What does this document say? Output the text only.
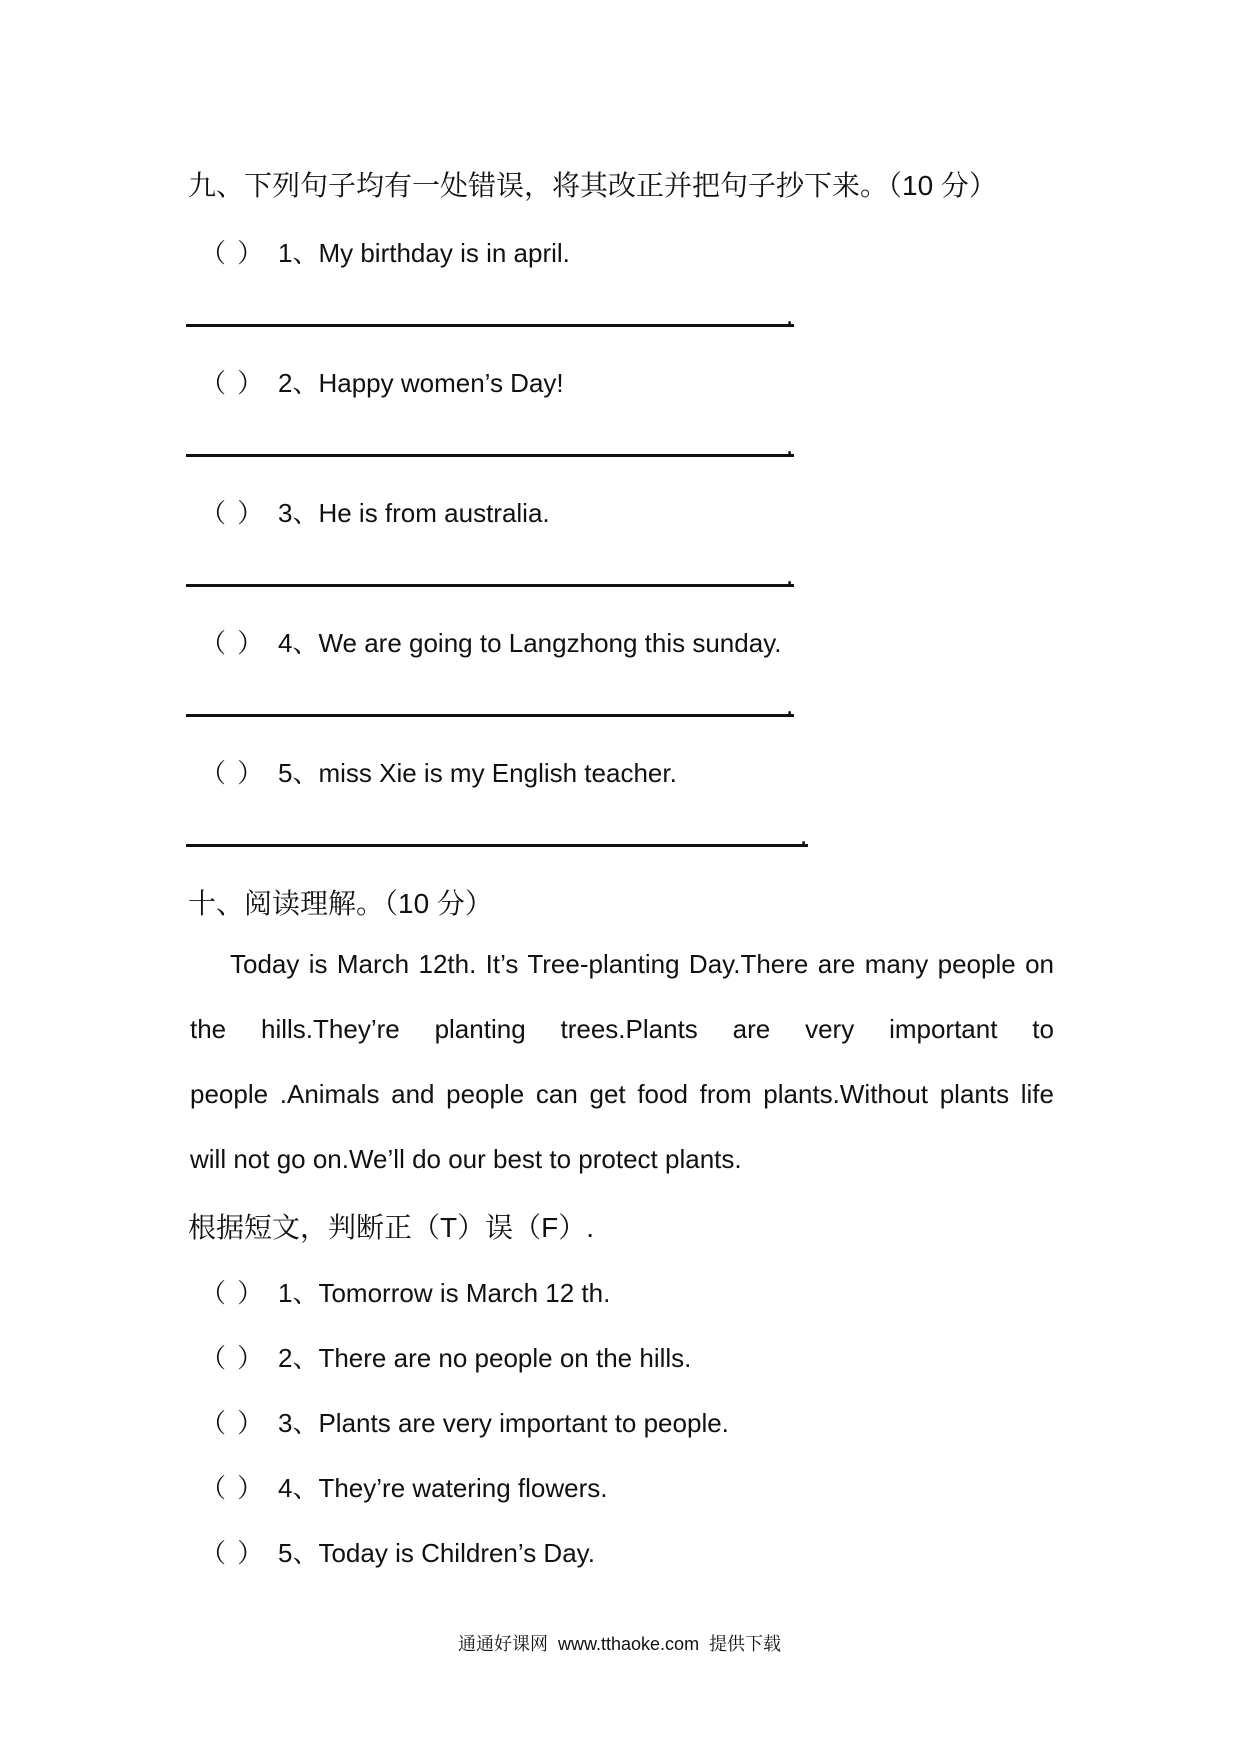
九、下列句子均有一处错误，将其改正并把句子抄下来。（10 分）
（ ） 1、My birthday is in april.
.
（ ） 2、Happy women’s Day!
.
（ ） 3、He is from australia.
.
（ ） 4、We are going to Langzhong this sunday.
.
（ ） 5、miss Xie is my English teacher.
.
十、阅读理解。（10 分）
Today is March 12th. It’s Tree-planting Day.There are many people on
the hills.They’re planting trees.Plants are very important to
people .Animals and people can get food from plants.Without plants life
will not go on.We’ll do our best to protect plants.
根据短文，判断正（T）误（F）.
（ ） 1、Tomorrow is March 12 th.
（ ） 2、There are no people on the hills.
（ ） 3、Plants are very important to people.
（ ） 4、They’re watering flowers.
（ ） 5、Today is Children’s Day.
通通好课网  www.tthaoke.com  提供下载
